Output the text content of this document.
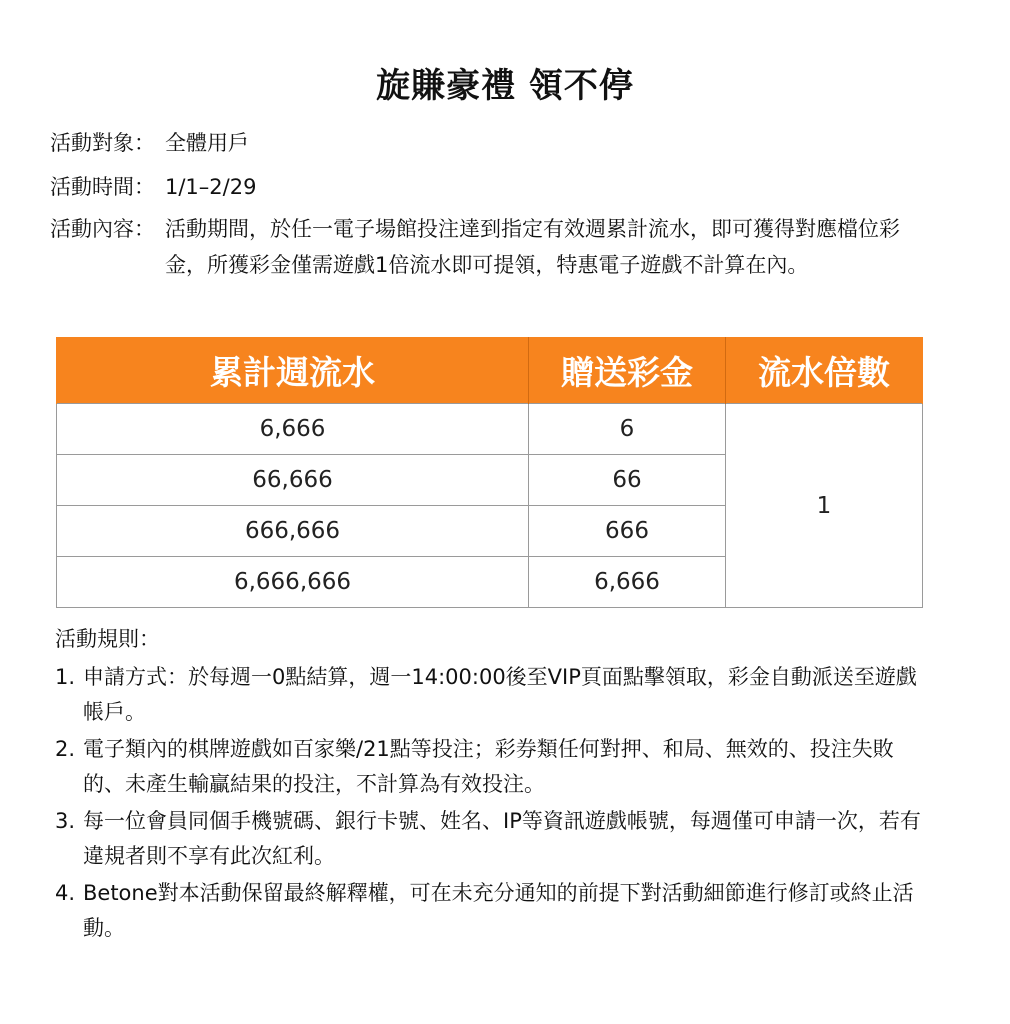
旋賺豪禮 領不停
活動對象： 全體用戶
活動時間： 1/1–2/29
活動內容： 活動期間，於任一電子場館投注達到指定有效週累計流水，即可獲得對應檔位彩金，所獲彩金僅需遊戲1倍流水即可提領，特惠電子遊戲不計算在內。
累計週流水	贈送彩金	流水倍數
6,666	6	1
66,666	66	
666,666	666	
6,666,666	6,666	
活動規則：
1. 申請方式：於每週一0點結算，週一14:00:00後至VIP頁面點擊領取，彩金自動派送至遊戲帳戶。
2. 電子類內的棋牌遊戲如百家樂/21點等投注；彩券類任何對押、和局、無效的、投注失敗的、未產生輸贏結果的投注，不計算為有效投注。
3. 每一位會員同個手機號碼、銀行卡號、姓名、IP等資訊遊戲帳號，每週僅可申請一次，若有違規者則不享有此次紅利。
4. Betone對本活動保留最終解釋權，可在未充分通知的前提下對活動細節進行修訂或終止活動。
